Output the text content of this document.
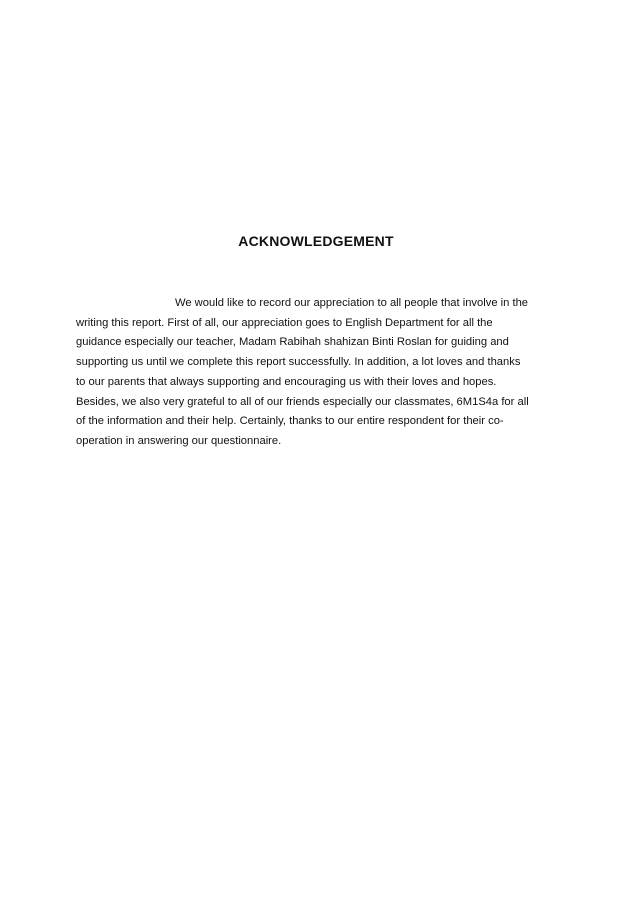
ACKNOWLEDGEMENT
We would like to record our appreciation to all people that involve in the
writing this report. First of all, our appreciation goes to English Department for all the
guidance especially our teacher, Madam Rabihah shahizan Binti Roslan for guiding and
supporting us until we complete this report successfully. In addition, a lot loves and thanks
to our parents that always supporting and encouraging us with their loves and hopes.
Besides, we also very grateful to all of our friends especially our classmates, 6M1S4a for all
of the information and their help. Certainly, thanks to our entire respondent for their co-
operation in answering our questionnaire.
